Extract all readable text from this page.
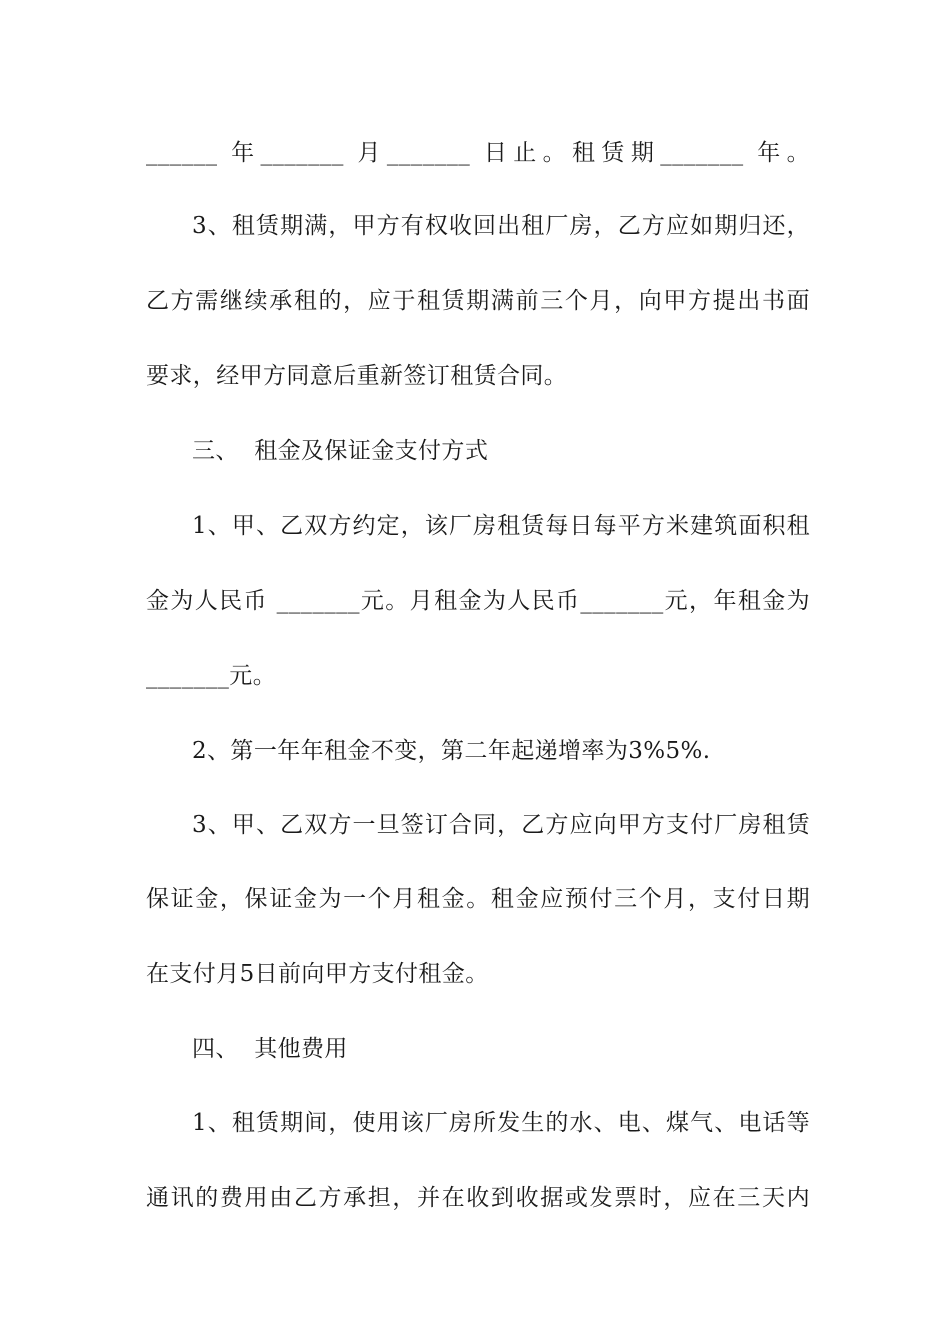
______ 年_______ 月_______ 日止。租赁期_______ 年。
3、租赁期满，甲方有权收回出租厂房，乙方应如期归还，
乙方需继续承租的，应于租赁期满前三个月，向甲方提出书面
要求，经甲方同意后重新签订租赁合同。
三、  租金及保证金支付方式
1、甲、乙双方约定，该厂房租赁每日每平方米建筑面积租
金为人民币 _______元。月租金为人民币_______元，年租金为
_______元。
2、第一年年租金不变，第二年起递增率为3%5%.
3、甲、乙双方一旦签订合同，乙方应向甲方支付厂房租赁
保证金，保证金为一个月租金。租金应预付三个月，支付日期
在支付月5日前向甲方支付租金。
四、  其他费用
1、租赁期间，使用该厂房所发生的水、电、煤气、电话等
通讯的费用由乙方承担，并在收到收据或发票时，应在三天内
